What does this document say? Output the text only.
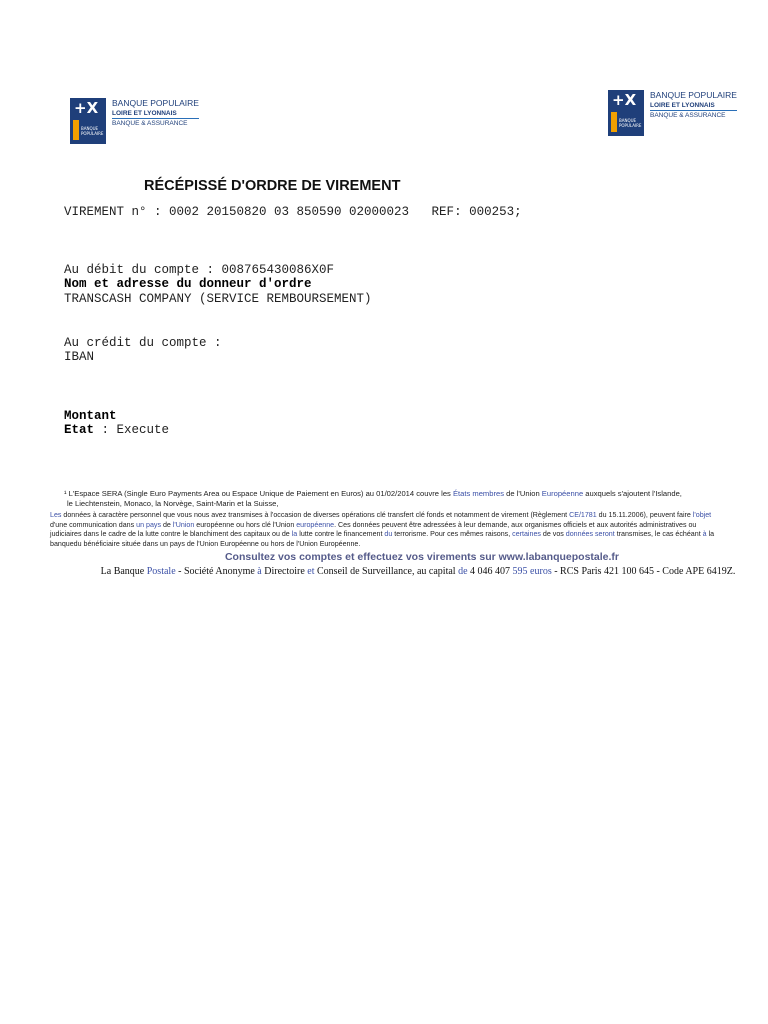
+X
BANQUE
POPULAIRE
BANQUE POPULAIRE
LOIRE ET LYONNAIS
BANQUE & ASSURANCE
+X
BANQUE
POPULAIRE
BANQUE POPULAIRE
LOIRE ET LYONNAIS
BANQUE & ASSURANCE
RÉCÉPISSÉ D'ORDRE DE VIREMENT
VIREMENT n° : 0002 20150820 03 850590 02000023   REF: 000253;
Au débit du compte : 008765430086X0F
Nom et adresse du donneur d'ordre
TRANSCASH COMPANY (SERVICE REMBOURSEMENT)
Au crédit du compte :
IBAN
Montant
Etat : Execute
¹ L'Espace SERA (Single Euro Payments Area ou Espace Unique de Paiement en Euros) au 01/02/2014 couvre les États membres de l'Union Européenne auxquels s'ajoutent l'Islande,
le Liechtenstein, Monaco, la Norvège, Saint-Marin et la Suisse,
Les données à caractère personnel que vous nous avez transmises à l'occasion de diverses opérations clé transfert clé fonds et notamment de virement (Règlement CE/1781 du 15.11.2006), peuvent faire l'objet
d'une communication dans un pays de l'Union européenne ou hors clé l'Union européenne. Ces données peuvent être adressées à leur demande, aux organismes officiels et aux autorités administratives ou
judiciaires dans le cadre de la lutte contre le blanchiment des capitaux ou de la lutte contre le financement du terrorisme. Pour ces mêmes raisons, certaines de vos données seront transmises, le cas échéant à la
banquedu bénéficiaire située dans un pays de l'Union Européenne ou hors de l'Union Européenne.
Consultez vos comptes et effectuez vos virements sur www.labanquepostale.fr
La Banque Postale - Société Anonyme à Directoire et Conseil de Surveillance, au capital de 4 046 407 595 euros - RCS Paris 421 100 645 - Code APE 6419Z.
